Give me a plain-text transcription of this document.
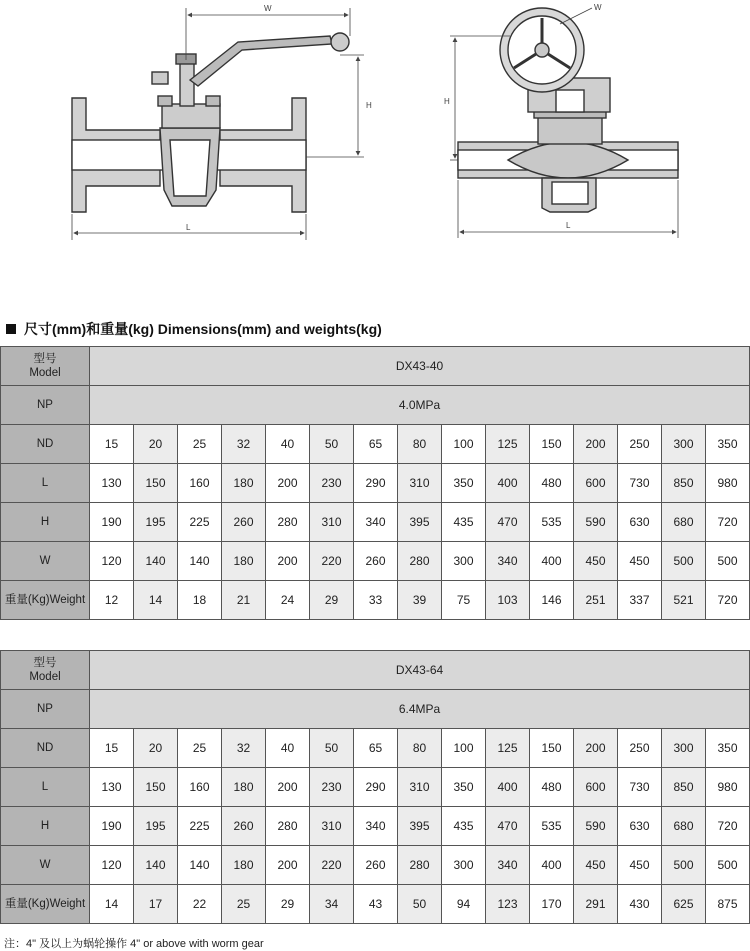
W
H
L
W
H
L
尺寸(mm)和重量(kg) Dimensions(mm) and weights(kg)
型号
Model	DX43-40														
NP	4.0MPa														
ND	15	20	25	32	40	50	65	80	100	125	150	200	250	300	350
L	130	150	160	180	200	230	290	310	350	400	480	600	730	850	980
H	190	195	225	260	280	310	340	395	435	470	535	590	630	680	720
W	120	140	140	180	200	220	260	280	300	340	400	450	450	500	500
重量(Kg)Weight	12	14	18	21	24	29	33	39	75	103	146	251	337	521	720
型号
Model	DX43-64														
NP	6.4MPa														
ND	15	20	25	32	40	50	65	80	100	125	150	200	250	300	350
L	130	150	160	180	200	230	290	310	350	400	480	600	730	850	980
H	190	195	225	260	280	310	340	395	435	470	535	590	630	680	720
W	120	140	140	180	200	220	260	280	300	340	400	450	450	500	500
重量(Kg)Weight	14	17	22	25	29	34	43	50	94	123	170	291	430	625	875
注：4" 及以上为蜗轮操作 4" or above with worm gear
